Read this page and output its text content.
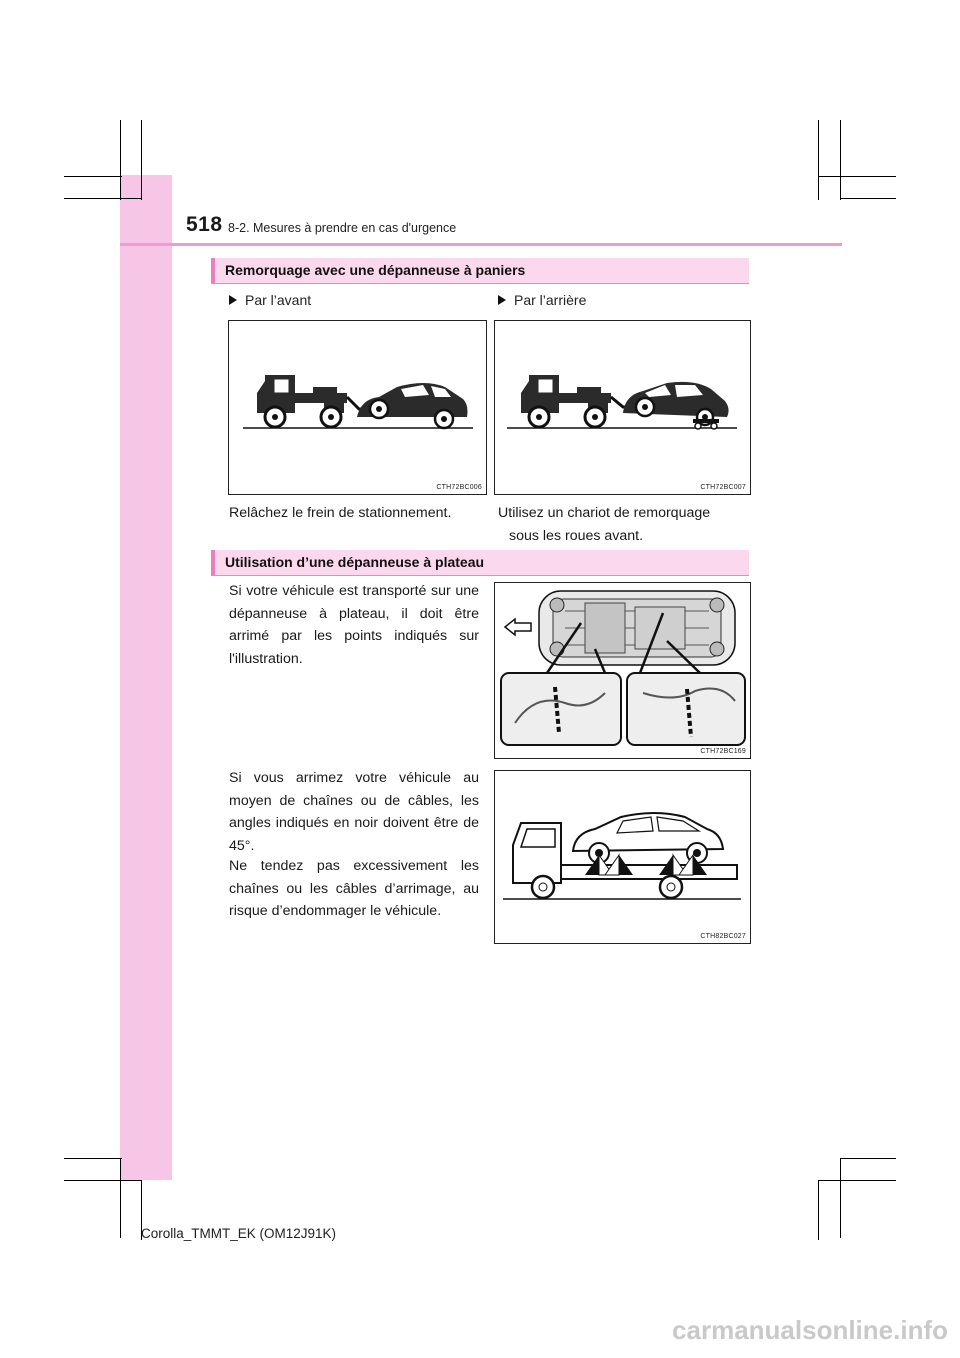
518 8-2. Mesures à prendre en cas d'urgence
Remorquage avec une dépanneuse à paniers
Par l’avant	Par l’arrière
CTH72BC006	CTH72BC007
Relâchez le frein de stationnement.	Utilisez un chariot de remorquage
sous les roues avant.
Utilisation d’une dépanneuse à plateau
Si votre véhicule est transporté sur une dépanneuse à plateau, il doit être arrimé par les points indiqués sur l'illustration.
CTH72BC169
Si vous arrimez votre véhicule au moyen de chaînes ou de câbles, les angles indiqués en noir doivent être de 45°.
Ne tendez pas excessivement les chaînes ou les câbles d’arrimage, au risque d’endommager le véhicule.
CTH82BC027
Corolla_TMMT_EK (OM12J91K)
carmanualsonline.info
